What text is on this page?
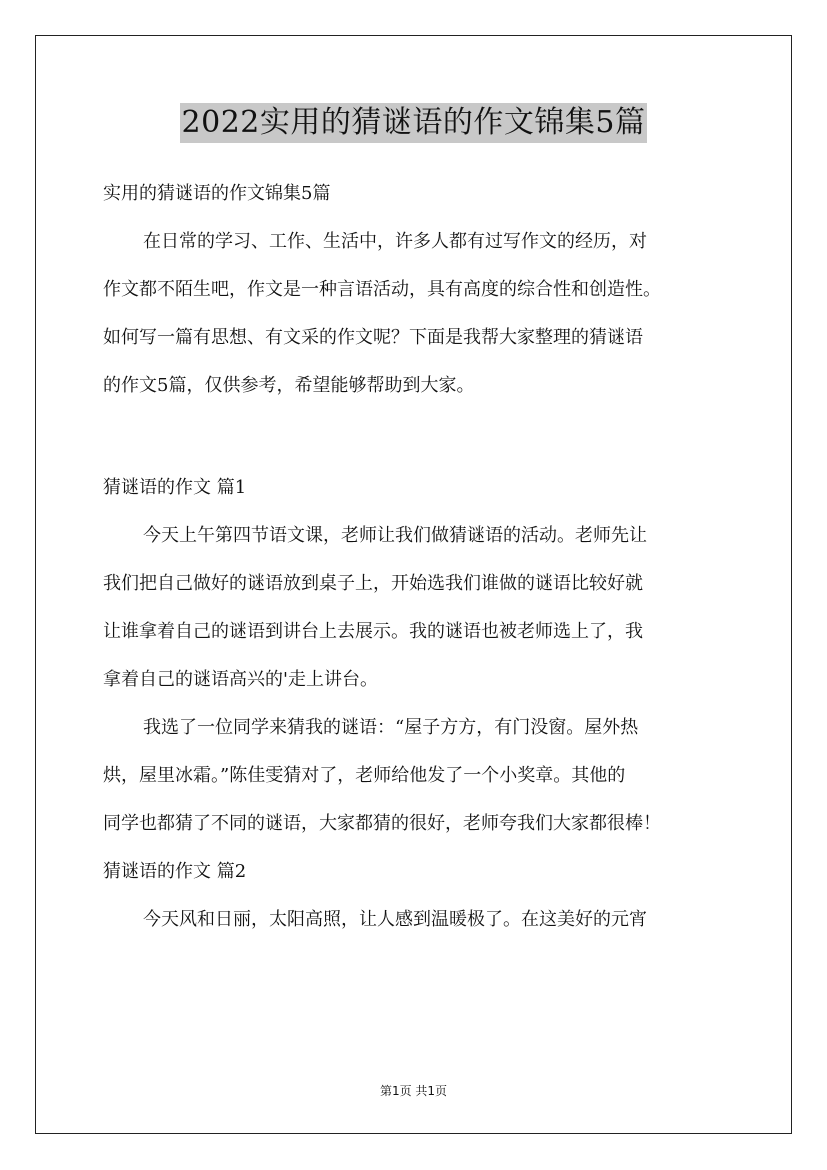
2022实用的猜谜语的作文锦集5篇
实用的猜谜语的作文锦集5篇
在日常的学习、工作、生活中，许多人都有过写作文的经历，对
作文都不陌生吧，作文是一种言语活动，具有高度的综合性和创造性。
如何写一篇有思想、有文采的作文呢？下面是我帮大家整理的猜谜语
的作文5篇，仅供参考，希望能够帮助到大家。
猜谜语的作文 篇1
今天上午第四节语文课，老师让我们做猜谜语的活动。老师先让
我们把自己做好的谜语放到桌子上，开始选我们谁做的谜语比较好就
让谁拿着自己的谜语到讲台上去展示。我的谜语也被老师选上了，我
拿着自己的谜语高兴的'走上讲台。
我选了一位同学来猜我的谜语：“屋子方方，有门没窗。屋外热
烘，屋里冰霜。”陈佳雯猜对了，老师给他发了一个小奖章。其他的
同学也都猜了不同的谜语，大家都猜的很好，老师夸我们大家都很棒！
猜谜语的作文 篇2
今天风和日丽，太阳高照，让人感到温暖极了。在这美好的元宵
第1页 共1页
